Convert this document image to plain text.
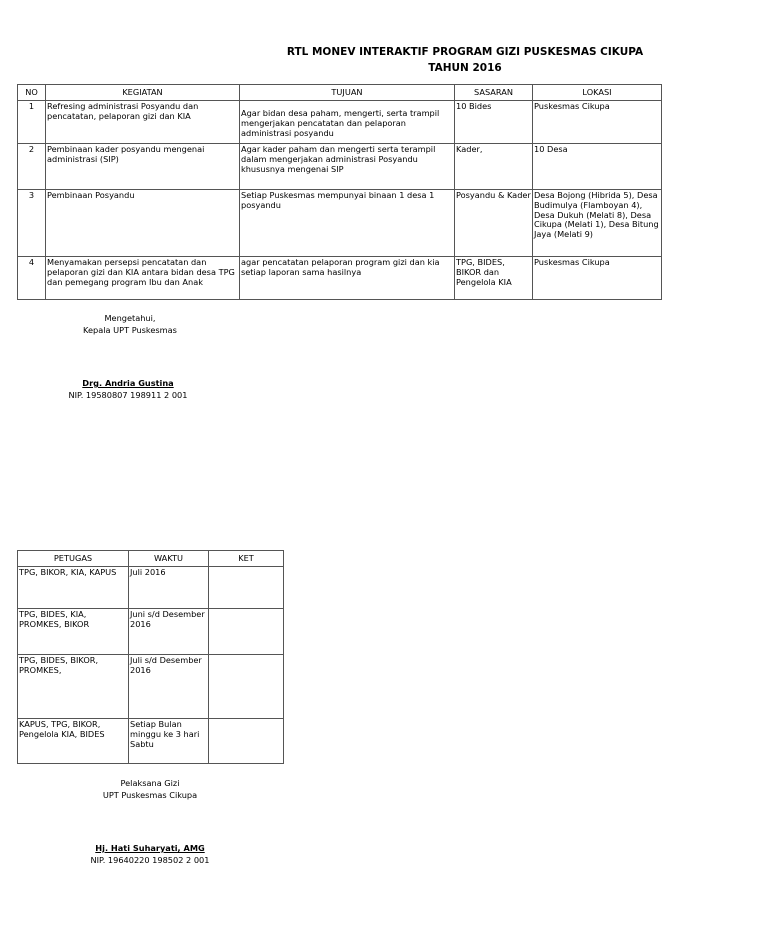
RTL MONEV INTERAKTIF PROGRAM GIZI PUSKESMAS CIKUPA
TAHUN 2016
NO	KEGIATAN	TUJUAN	SASARAN	LOKASI
1	Refresing administrasi Posyandu dan pencatatan, pelaporan gizi dan KIA	Agar bidan desa paham, mengerti, serta trampil mengerjakan pencatatan dan pelaporan administrasi posyandu	10 Bides	Puskesmas Cikupa
2	Pembinaan kader posyandu mengenai administrasi (SIP)	Agar kader paham dan mengerti serta terampil dalam mengerjakan administrasi Posyandu khususnya mengenai SIP	Kader,	10 Desa
3	Pembinaan Posyandu	Setiap Puskesmas mempunyai binaan 1 desa 1 posyandu	Posyandu & Kader	Desa Bojong (Hibrida 5), Desa Budimulya (Flamboyan 4), Desa Dukuh (Melati 8), Desa Cikupa (Melati 1), Desa Bitung Jaya (Melati 9)
4	Menyamakan persepsi pencatatan dan pelaporan gizi dan KIA antara bidan desa TPG dan pemegang program Ibu dan Anak	agar pencatatan pelaporan program gizi dan kia setiap laporan sama hasilnya	TPG, BIDES, BIKOR dan Pengelola KIA	Puskesmas Cikupa
Mengetahui,
Kepala UPT Puskesmas
Drg. Andria Gustina
NIP. 19580807 198911 2 001
PETUGAS	WAKTU	KET
TPG, BIKOR, KIA, KAPUS	Juli 2016	
TPG, BIDES, KIA, PROMKES, BIKOR	Juni s/d Desember 2016	
TPG, BIDES, BIKOR, PROMKES,	Juli s/d Desember 2016	
KAPUS, TPG, BIKOR, Pengelola KIA, BIDES	Setiap Bulan minggu ke 3 hari Sabtu	
Pelaksana Gizi
UPT Puskesmas Cikupa
Hj. Hati Suharyati, AMG
NIP. 19640220 198502 2 001
